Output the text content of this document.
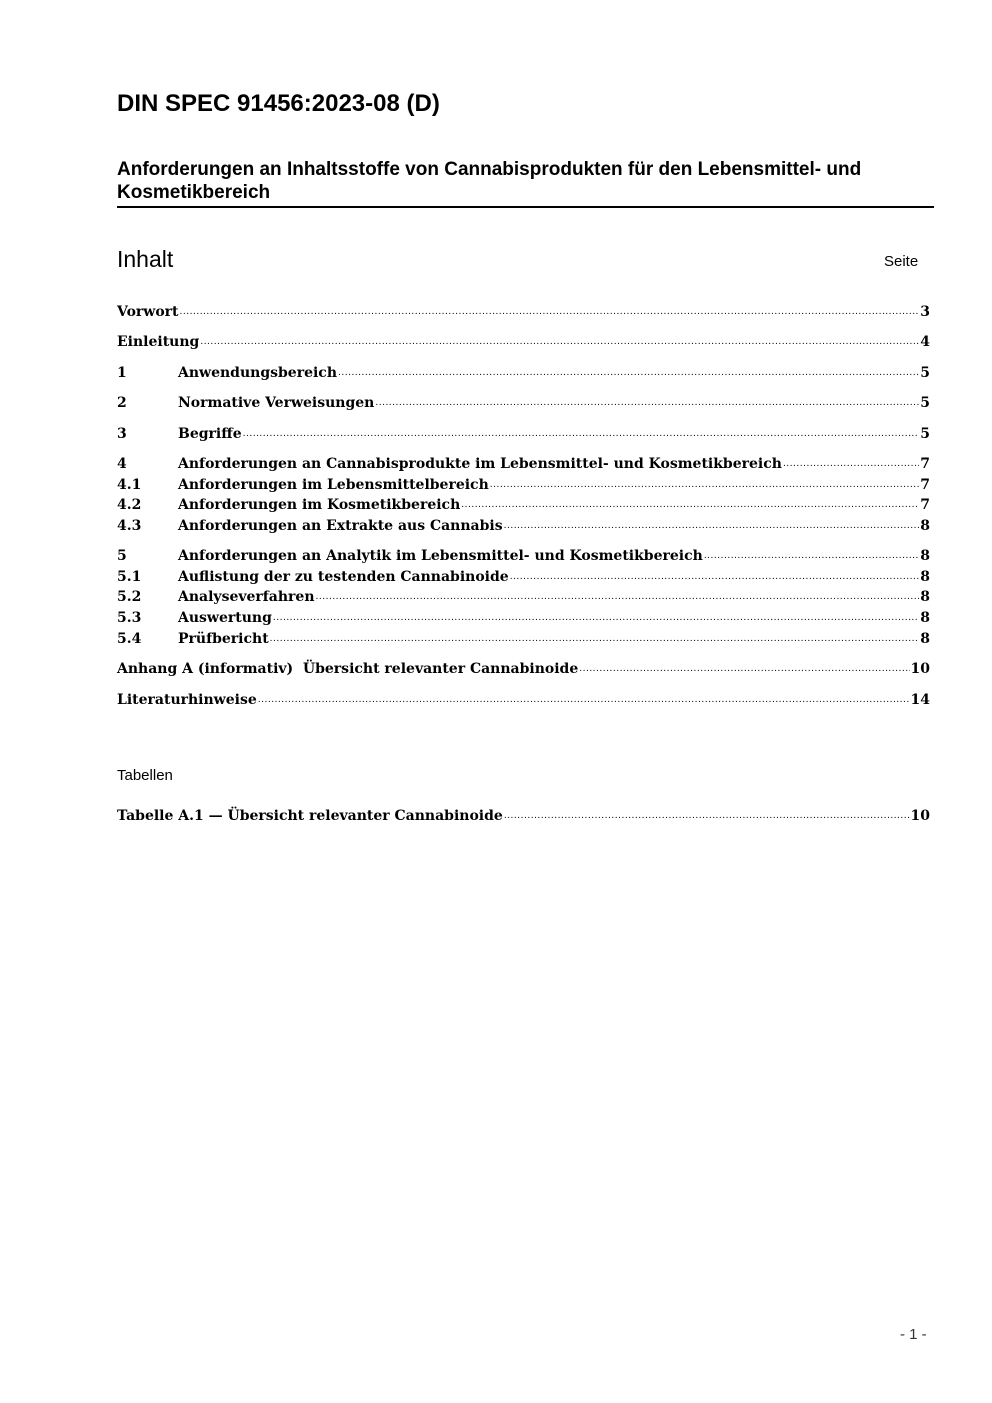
DIN SPEC 91456:2023-08 (D)
Anforderungen an Inhaltsstoffe von Cannabisprodukten für den Lebensmittel- und Kosmetikbereich
Inhalt	Seite
Vorwort .....	3
Einleitung .....	4
1	Anwendungsbereich .....	5
2	Normative Verweisungen .....	5
3	Begriffe .....	5
4	Anforderungen an Cannabisprodukte im Lebensmittel- und Kosmetikbereich .....	7
4.1	Anforderungen im Lebensmittelbereich .....	7
4.2	Anforderungen im Kosmetikbereich .....	7
4.3	Anforderungen an Extrakte aus Cannabis .....	8
5	Anforderungen an Analytik im Lebensmittel- und Kosmetikbereich .....	8
5.1	Auflistung der zu testenden Cannabinoide .....	8
5.2	Analyseverfahren .....	8
5.3	Auswertung .....	8
5.4	Prüfbericht .....	8
Anhang A (informativ)  Übersicht relevanter Cannabinoide .....	10
Literaturhinweise .....	14
Tabellen
Tabelle A.1 — Übersicht relevanter Cannabinoide .....	10
- 1 -
